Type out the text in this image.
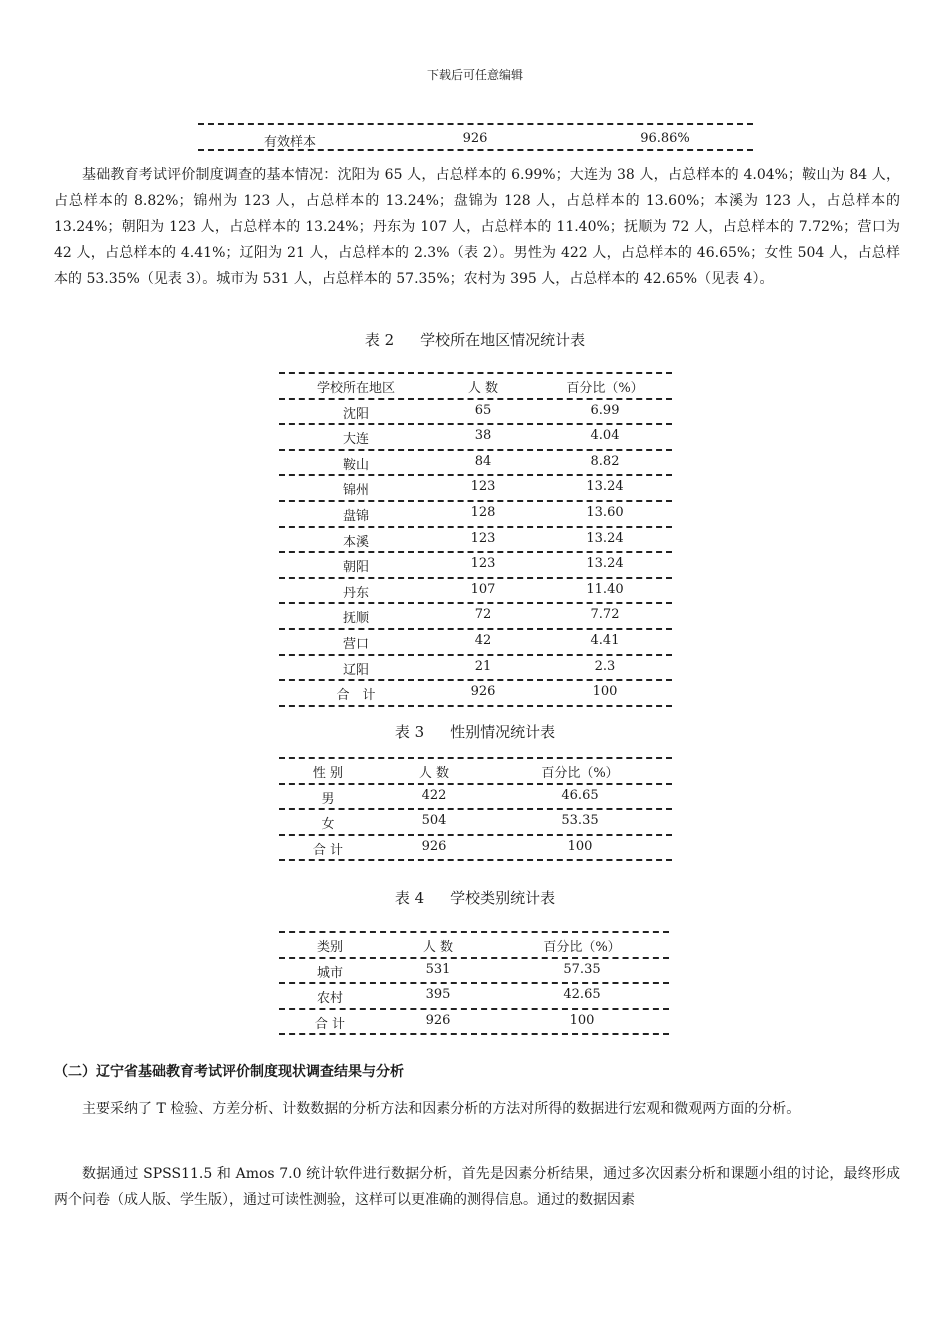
下载后可任意编辑
有效样本	926	96.86%

基础教育考试评价制度调查的基本情况：沈阳为 65 人，占总样本的 6.99%；大连为 38 人，占总样本的 4.04%；鞍山为 84 人，占总样本的 8.82%；锦州为 123 人，占总样本的 13.24%；盘锦为 128 人，占总样本的 13.60%；本溪为 123 人，占总样本的 13.24%；朝阳为 123 人，占总样本的 13.24%；丹东为 107 人，占总样本的 11.40%；抚顺为 72 人，占总样本的 7.72%；营口为 42 人，占总样本的 4.41%；辽阳为 21 人，占总样本的 2.3%（表 2）。男性为 422 人，占总样本的 46.65%；女性 504 人，占总样本的 53.35%（见表 3）。城市为 531 人，占总样本的 57.35%；农村为 395 人，占总样本的 42.65%（见表 4）。

表 2 学校所在地区情况统计表
学校所在地区	人 数	百分比（%）
沈阳	65	6.99
大连	38	4.04
鞍山	84	8.82
锦州	123	13.24
盘锦	128	13.60
本溪	123	13.24
朝阳	123	13.24
丹东	107	11.40
抚顺	72	7.72
营口	42	4.41
辽阳	21	2.3
合　计	926	100
表 3 性别情况统计表
性 别	人 数	百分比（%）
男	422	46.65
女	504	53.35
合 计	926	100
表 4 学校类别统计表
类别	人 数	百分比（%）
城市	531	57.35
农村	395	42.65
合 计	926	100
（二）辽宁省基础教育考试评价制度现状调查结果与分析

主要采纳了 T 检验、方差分析、计数数据的分析方法和因素分析的方法对所得的数据进行宏观和微观两方面的分析。

数据通过 SPSS11.5 和 Amos 7.0 统计软件进行数据分析，首先是因素分析结果，通过多次因素分析和课题小组的讨论，最终形成两个问卷（成人版、学生版），通过可读性测验，这样可以更准确的测得信息。通过的数据因素
